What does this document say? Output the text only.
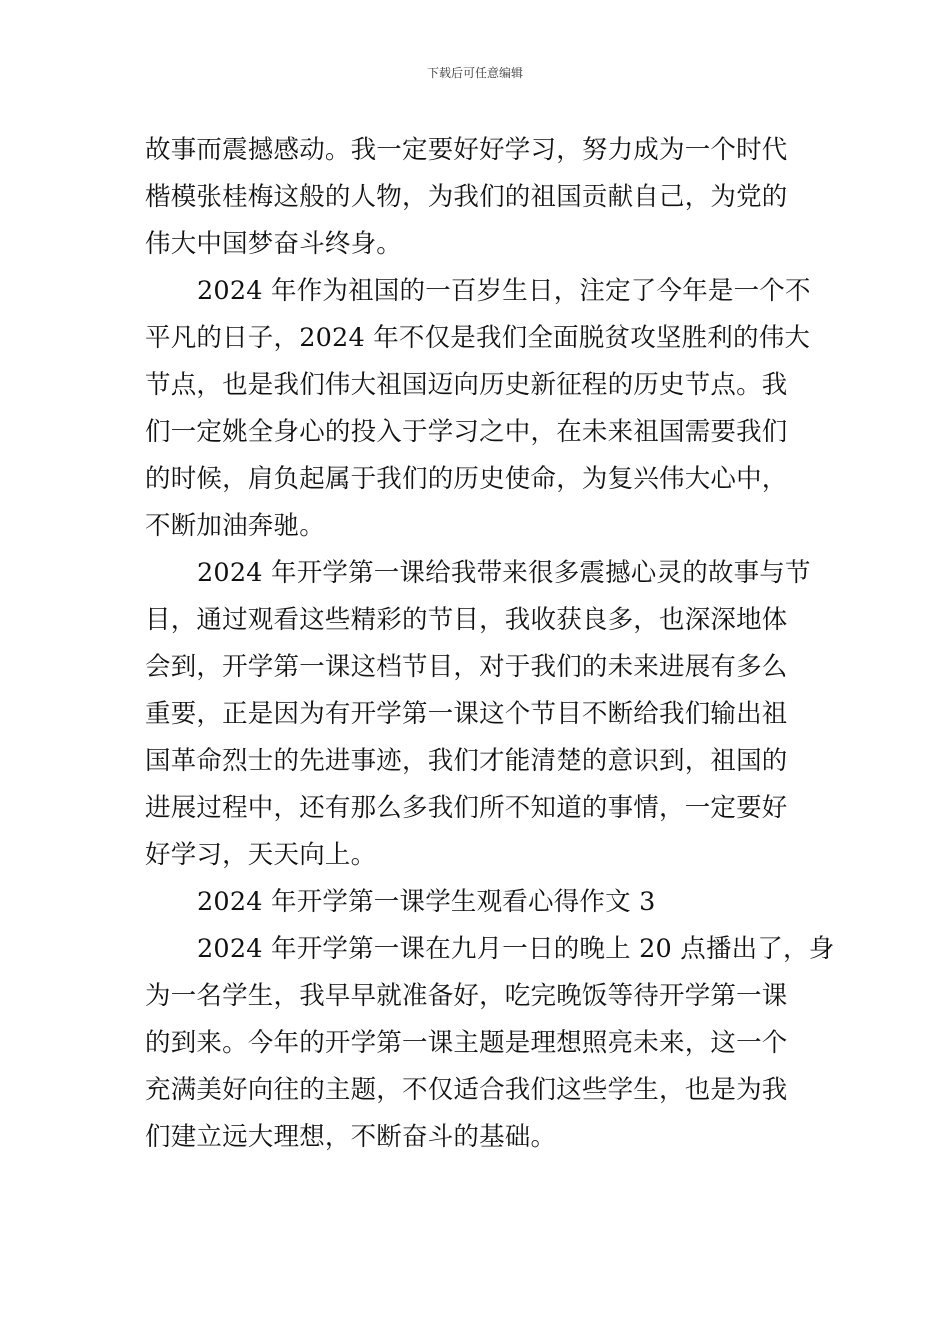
下载后可任意编辑
故事而震撼感动。我一定要好好学习，努力成为一个时代
楷模张桂梅这般的人物，为我们的祖国贡献自己，为党的
伟大中国梦奋斗终身。
2024 年作为祖国的一百岁生日，注定了今年是一个不
平凡的日子，2024 年不仅是我们全面脱贫攻坚胜利的伟大
节点，也是我们伟大祖国迈向历史新征程的历史节点。我
们一定姚全身心的投入于学习之中，在未来祖国需要我们
的时候，肩负起属于我们的历史使命，为复兴伟大心中，
不断加油奔驰。
2024 年开学第一课给我带来很多震撼心灵的故事与节
目，通过观看这些精彩的节目，我收获良多，也深深地体
会到，开学第一课这档节目，对于我们的未来进展有多么
重要，正是因为有开学第一课这个节目不断给我们输出祖
国革命烈士的先进事迹，我们才能清楚的意识到，祖国的
进展过程中，还有那么多我们所不知道的事情，一定要好
好学习，天天向上。
2024 年开学第一课学生观看心得作文 3
2024 年开学第一课在九月一日的晚上 20 点播出了，身
为一名学生，我早早就准备好，吃完晚饭等待开学第一课
的到来。今年的开学第一课主题是理想照亮未来，这一个
充满美好向往的主题，不仅适合我们这些学生，也是为我
们建立远大理想，不断奋斗的基础。
